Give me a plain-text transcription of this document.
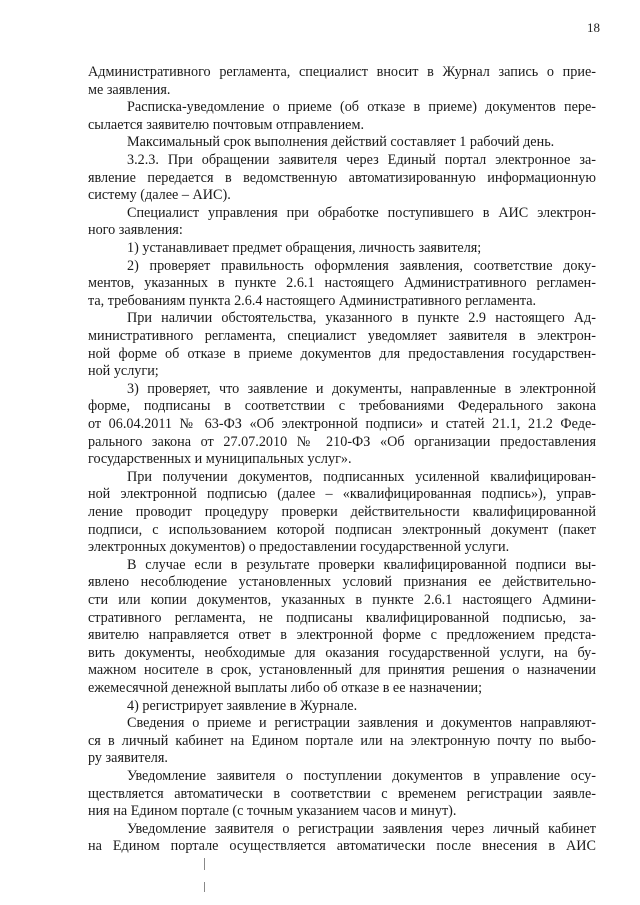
18
Административного регламента, специалист вносит в Журнал запись о прие-
ме заявления.
Расписка-уведомление о приеме (об отказе в приеме) документов пере-
сылается заявителю почтовым отправлением.
Максимальный срок выполнения действий составляет 1 рабочий день.
3.2.3. При обращении заявителя через Единый портал электронное за-
явление передается в ведомственную автоматизированную информационную
систему (далее – АИС).
Специалист управления при обработке поступившего в АИС электрон-
ного заявления:
1) устанавливает предмет обращения, личность заявителя;
2) проверяет правильность оформления заявления, соответствие доку-
ментов, указанных в пункте 2.6.1 настоящего Административного регламен-
та, требованиям пункта 2.6.4 настоящего Административного регламента.
При наличии обстоятельства, указанного в пункте 2.9 настоящего Ад-
министративного регламента, специалист уведомляет заявителя в электрон-
ной форме об отказе в приеме документов для предоставления государствен-
ной услуги;
3) проверяет, что заявление и документы, направленные в электронной
форме, подписаны в соответствии с требованиями Федерального закона
от 06.04.2011 № 63-ФЗ «Об электронной подписи» и статей 21.1, 21.2 Феде-
рального закона от 27.07.2010 № 210-ФЗ «Об организации предоставления
государственных и муниципальных услуг».
При получении документов, подписанных усиленной квалифицирован-
ной электронной подписью (далее – «квалифицированная подпись»), управ-
ление проводит процедуру проверки действительности квалифицированной
подписи, с использованием которой подписан электронный документ (пакет
электронных документов) о предоставлении государственной услуги.
В случае если в результате проверки квалифицированной подписи вы-
явлено несоблюдение установленных условий признания ее действительно-
сти или копии документов, указанных в пункте 2.6.1 настоящего Админи-
стративного регламента, не подписаны квалифицированной подписью, за-
явителю направляется ответ в электронной форме с предложением предста-
вить документы, необходимые для оказания государственной услуги, на бу-
мажном носителе в срок, установленный для принятия решения о назначении
ежемесячной денежной выплаты либо об отказе в ее назначении;
4) регистрирует заявление в Журнале.
Сведения о приеме и регистрации заявления и документов направляют-
ся в личный кабинет на Едином портале или на электронную почту по выбо-
ру заявителя.
Уведомление заявителя о поступлении документов в управление осу-
ществляется автоматически в соответствии с временем регистрации заявле-
ния на Едином портале (с точным указанием часов и минут).
Уведомление заявителя о регистрации заявления через личный кабинет
на Едином портале осуществляется автоматически после внесения в АИС
